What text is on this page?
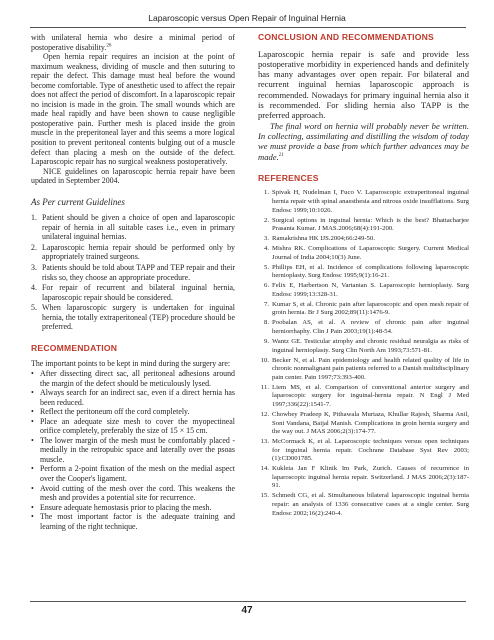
Laparoscopic versus Open Repair of Inguinal Hernia

with unilateral hernia who desire a minimal period of postoperative disability.$^{26}$

Open hernia repair requires an incision at the point of maximum weakness, dividing of muscle and then suturing to repair the defect. This damage must heal before the wound become comfortable. Type of anesthetic used to affect the repair does not affect the period of discomfort. In a laparoscopic repair no incision is made in the groin. The small wounds which are made heal rapidly and have been shown to cause negligible postoperative pain. Further mesh is placed inside the groin muscle in the preperitoneal layer and this seems a more logical position to prevent peritoneal contents bulging out of a muscle defect than placing a mesh on the outside of the defect. Laparoscopic repair has no surgical weakness postoperatively.

NICE guidelines on laparoscopic hernia repair have been updated in September 2004.

As Per current Guidelines
1. Patient should be given a choice of open and laparoscopic repair of hernia in all suitable cases i.e., even in primary unilateral inguinal hernias.
2. Laparoscopic hernia repair should be performed only by appropriately trained surgeons.
3. Patients should be told about TAPP and TEP repair and their risks so, they choose an appropriate procedure.
4. For repair of recurrent and bilateral inguinal hernia, laparoscopic repair should be considered.
5. When laparoscopic surgery is undertaken for inguinal hernia, the totally extraperitoneal (TEP) procedure should be preferred.
RECOMMENDATION

The important points to be kept in mind during the surgery are:

• After dissecting direct sac, all peritoneal adhesions around the margin of the defect should be meticulously lysed.
• Always search for an indirect sac, even if a direct hernia has been reduced.
• Reflect the peritoneum off the cord completely.
• Place an adequate size mesh to cover the myopectineal orifice completely, preferably the size of 15 × 15 cm.
• The lower margin of the mesh must be comfortably placed - medially in the retropubic space and laterally over the psoas muscle.
• Perform a 2-point fixation of the mesh on the medial aspect over the Cooper's ligament.
• Avoid cutting of the mesh over the cord. This weakens the mesh and provides a potential site for recurrence.
• Ensure adequate hemostasis prior to placing the mesh.
• The most important factor is the adequate training and learning of the right technique.
CONCLUSION AND RECOMMENDATIONS

Laparoscopic hernia repair is safe and provide less postoperative morbidity in experienced hands and definitely has many advantages over open repair. For bilateral and recurrent inguinal hernias laparoscopic approach is recommended. Nowadays for primary inguinal hernia also it is recommended. For sliding hernia also TAPP is the preferred approach.

The final word on hernia will probably never be written. In collecting, assimilating and distilling the wisdom of today we must provide a base from which further advances may be made.$^{21}$

REFERENCES
1. Spivak H, Nudelman I, Fuco V. Laparoscopic extraperitoneal inguinal hernia repair with spinal anaesthesia and nitrous oxide insufflations. Surg Endosc 1999;10:1026.
2. Surgical options in inguinal hernia: Which is the best? Bhattacharjee Prasanta Kumar. J MAS.2006;68(4):191-200.
3. Ramakrishna HK IJS.2004;66:249-50.
4. Mishra RK. Complications of Laparoscopic Surgery. Current Medical Journal of India 2004;10(3) June.
5. Phillips EH, et al. Incidence of complications following laparoscopic hernioplasty. Surg Endosc 1995;9(1):16-21.
6. Felix E, Harbertson N, Vartanian S. Laparoscopic hernioplasty. Surg Endosc 1999;13:328-31.
7. Kumar S, et al. Chronic pain after laparoscopic and open mesh repair of groin hernia. Br J Surg 2002;89(11):1476-9.
8. Poobalan AS, et al. A review of chronic pain after inguinal herniorrhaphy. Clin J Pain 2003;19(1):48-54.
9. Wantz GE. Testicular atrophy and chronic residual neuralgia as risks of inguinal hernioplasty. Surg Clin North Am 1993;73:571-81.
10. Becker N, et al. Pain epidemiology and health related quality of life in chronic nonmalignant pain patients referred to a Danish multidisciplinary pain center. Pain 1997;73:393-400.
11. Liem MS, et al. Comparison of conventional anterior surgery and laparoscopic surgery for inguinal-hernia repair. N Engl J Med 1997;336(22):1541-7.
12. Chowbey Pradeep K, Pithawala Murtaza, Khullar Rajesh, Sharma Anil, Soni Vandana, Baijal Manish. Complications in groin hernia surgery and the way out. J MAS 2006;2(3):174-77.
13. McCormack K, et al. Laparoscopic techniques versus open techniques for inguinal hernia repair. Cochrane Database Syst Rev 2003;(1):CD001785.
14. Kukleta Jan F Klinik Im Park, Zurich. Causes of recurrence in laparoscopic inguinal hernia repair. Switzerland. J MAS 2006;2(3):187-91.
15. Schmedt CG, et al. Simultaneous bilateral laparoscopic inguinal hernia repair: an analysis of 1336 consecutive cases at a single center. Surg Endosc 2002;16(2):240-4.
47
